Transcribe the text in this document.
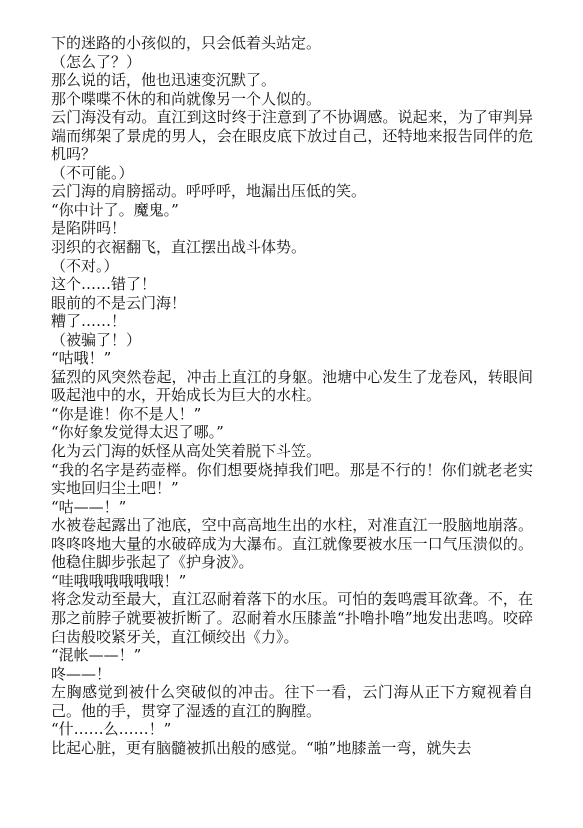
下的迷路的小孩似的，只会低着头站定。

（怎么了？）

那么说的话，他也迅速变沉默了。

那个喋喋不休的和尚就像另一个人似的。

云门海没有动。直江到这时终于注意到了不协调感。说起来，为了审判异端而绑架了景虎的男人，会在眼皮底下放过自己，还特地来报告同伴的危机吗？

（不可能。）

云门海的肩膀摇动。呼呼呼，地漏出压低的笑。

“你中计了。魔鬼。”

是陷阱吗！

羽织的衣裾翻飞，直江摆出战斗体势。

（不对。）

这个……错了！

眼前的不是云门海！

糟了……！

（被骗了！）

“咕哦！”

猛烈的风突然卷起，冲击上直江的身躯。池塘中心发生了龙卷风，转眼间吸起池中的水，开始成长为巨大的水柱。

“你是谁！你不是人！”

“你好象发觉得太迟了哪。”

化为云门海的妖怪从高处笑着脱下斗笠。

“我的名字是药壶榉。你们想要烧掉我们吧。那是不行的！你们就老老实实地回归尘土吧！”

“咕——！”

水被卷起露出了池底，空中高高地生出的水柱，对准直江一股脑地崩落。咚咚咚地大量的水破碎成为大瀑布。直江就像要被水压一口气压溃似的。他稳住脚步张起了《护身波》。

“哇哦哦哦哦哦哦！”

将念发动至最大，直江忍耐着落下的水压。可怕的轰鸣震耳欲聋。不，在那之前脖子就要被折断了。忍耐着水压膝盖“扑噜扑噜”地发出悲鸣。咬碎臼齿般咬紧牙关，直江倾绞出《力》。

“混帐——！”

咚——！

左胸感觉到被什么突破似的冲击。往下一看，云门海从正下方窥视着自己。他的手，贯穿了湿透的直江的胸膛。

“什……么……！”

比起心脏，更有脑髓被抓出般的感觉。“啪”地膝盖一弯，就失去
